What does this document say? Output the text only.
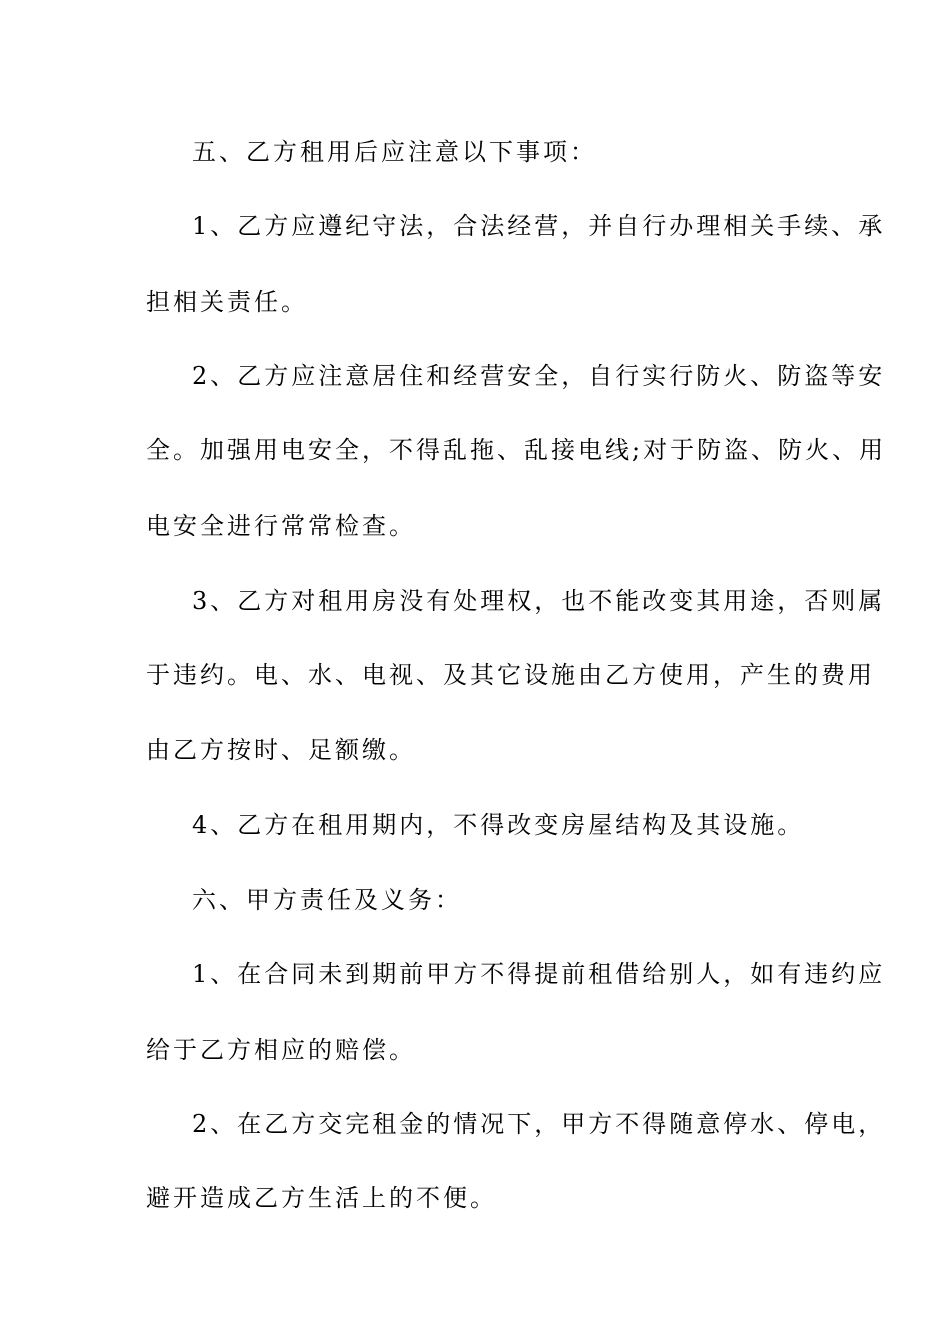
五、乙方租用后应注意以下事项：
1、乙方应遵纪守法，合法经营，并自行办理相关手续、承
担相关责任。
2、乙方应注意居住和经营安全，自行实行防火、防盗等安
全。加强用电安全，不得乱拖、乱接电线;对于防盗、防火、用
电安全进行常常检查。
3、乙方对租用房没有处理权，也不能改变其用途，否则属
于违约。电、水、电视、及其它设施由乙方使用，产生的费用
由乙方按时、足额缴。
4、乙方在租用期内，不得改变房屋结构及其设施。
六、甲方责任及义务：
1、在合同未到期前甲方不得提前租借给别人，如有违约应
给于乙方相应的赔偿。
2、在乙方交完租金的情况下，甲方不得随意停水、停电，
避开造成乙方生活上的不便。
